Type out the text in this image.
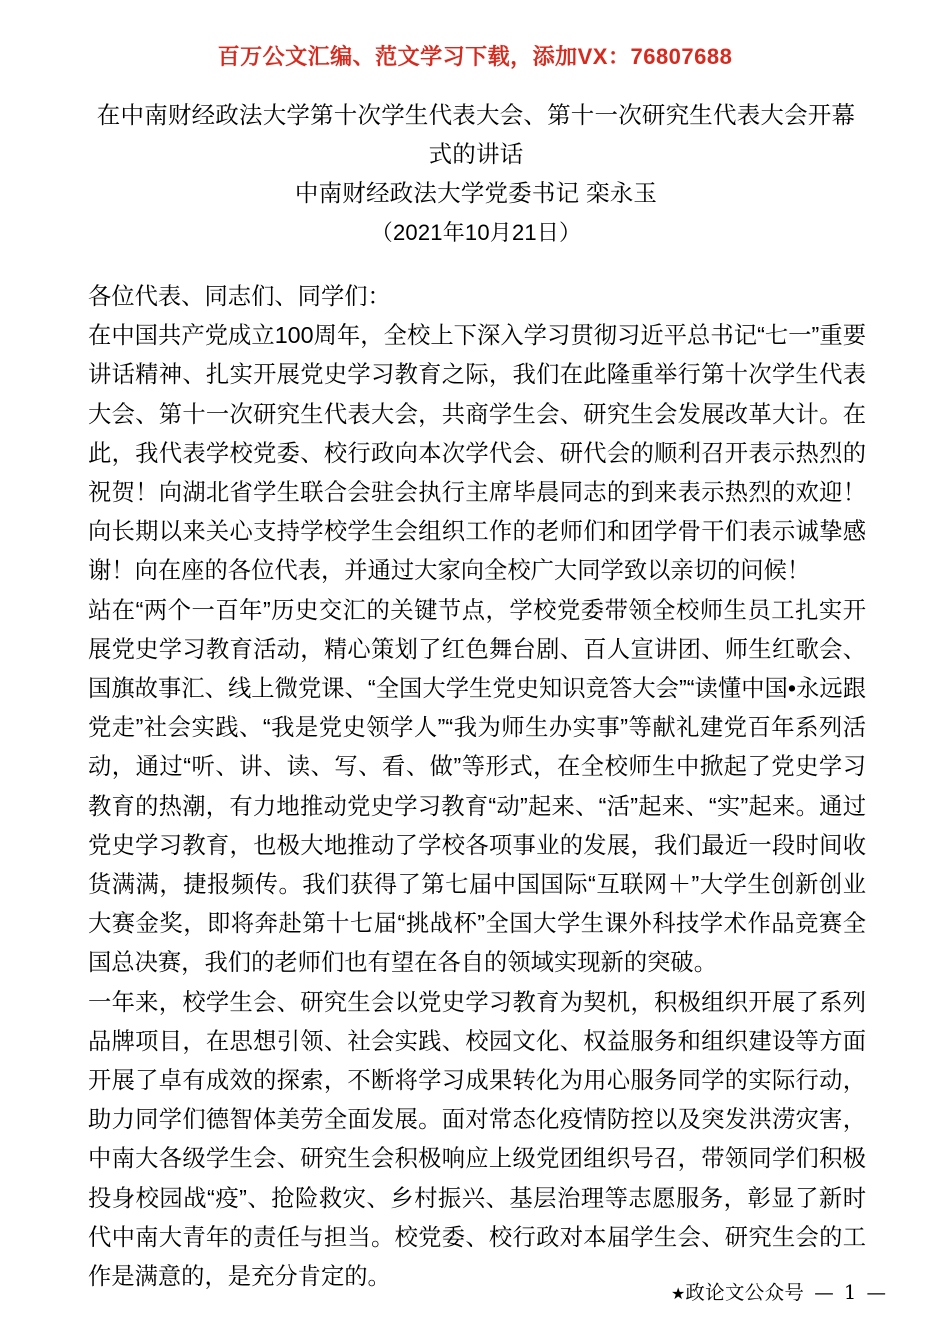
百万公文汇编、范文学习下载，添加VX：76807688
在中南财经政法大学第十次学生代表大会、第十一次研究生代表大会开幕式的讲话
中南财经政法大学党委书记 栾永玉
（2021年10月21日）

各位代表、同志们、同学们：

在中国共产党成立100周年，全校上下深入学习贯彻习近平总书记“七一”重要讲话精神、扎实开展党史学习教育之际，我们在此隆重举行第十次学生代表大会、第十一次研究生代表大会，共商学生会、研究生会发展改革大计。在此，我代表学校党委、校行政向本次学代会、研代会的顺利召开表示热烈的祝贺！向湖北省学生联合会驻会执行主席毕晨同志的到来表示热烈的欢迎！向长期以来关心支持学校学生会组织工作的老师们和团学骨干们表示诚挚感谢！向在座的各位代表，并通过大家向全校广大同学致以亲切的问候！

站在“两个一百年”历史交汇的关键节点，学校党委带领全校师生员工扎实开展党史学习教育活动，精心策划了红色舞台剧、百人宣讲团、师生红歌会、国旗故事汇、线上微党课、“全国大学生党史知识竞答大会”“读懂中国•永远跟党走”社会实践、“我是党史领学人”“我为师生办实事”等献礼建党百年系列活动，通过“听、讲、读、写、看、做”等形式，在全校师生中掀起了党史学习教育的热潮，有力地推动党史学习教育“动”起来、“活”起来、“实”起来。通过党史学习教育，也极大地推动了学校各项事业的发展，我们最近一段时间收货满满，捷报频传。我们获得了第七届中国国际“互联网＋”大学生创新创业大赛金奖，即将奔赴第十七届“挑战杯”全国大学生课外科技学术作品竞赛全国总决赛，我们的老师们也有望在各自的领域实现新的突破。

一年来，校学生会、研究生会以党史学习教育为契机，积极组织开展了系列品牌项目，在思想引领、社会实践、校园文化、权益服务和组织建设等方面开展了卓有成效的探索，不断将学习成果转化为用心服务同学的实际行动，助力同学们德智体美劳全面发展。面对常态化疫情防控以及突发洪涝灾害，中南大各级学生会、研究生会积极响应上级党团组织号召，带领同学们积极投身校园战“疫”、抢险救灾、乡村振兴、基层治理等志愿服务，彰显了新时代中南大青年的责任与担当。校党委、校行政对本届学生会、研究生会的工作是满意的，是充分肯定的。

★ 政论文公众号 — 1 —
